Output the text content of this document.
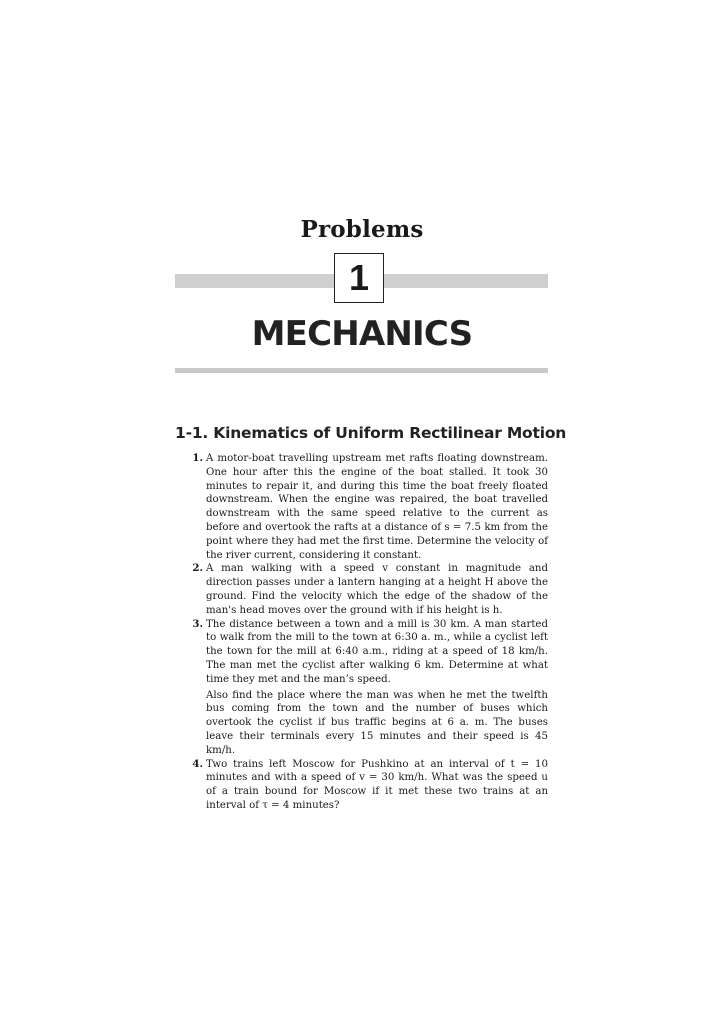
Problems
1
MECHANICS
1-1. Kinematics of Uniform Rectilinear Motion
1. A motor-boat travelling upstream met rafts floating downstream. One hour after this the engine of the boat stalled. It took 30 minutes to repair it, and during this time the boat freely floated downstream. When the engine was repaired, the boat travelled downstream with the same speed relative to the current as before and overtook the rafts at a distance of s = 7.5 km from the point where they had met the first time. Determine the velocity of the river current, considering it constant.

2. A man walking with a speed v constant in magnitude and direction passes under a lantern hanging at a height H above the ground. Find the velocity which the edge of the shadow of the man's head moves over the ground with if his height is h.

3. The distance between a town and a mill is 30 km. A man started to walk from the mill to the town at 6:30 a. m., while a cyclist left the town for the mill at 6:40 a.m., riding at a speed of 18 km/h. The man met the cyclist after walking 6 km. Determine at what time they met and the man’s speed.

Also find the place where the man was when he met the twelfth bus coming from the town and the number of buses which overtook the cyclist if bus traffic begins at 6 a. m. The buses leave their terminals every 15 minutes and their speed is 45 km/h.

4. Two trains left Moscow for Pushkino at an interval of t = 10 minutes and with a speed of v = 30 km/h. What was the speed u of a train bound for Moscow if it met these two trains at an interval of τ = 4 minutes?
